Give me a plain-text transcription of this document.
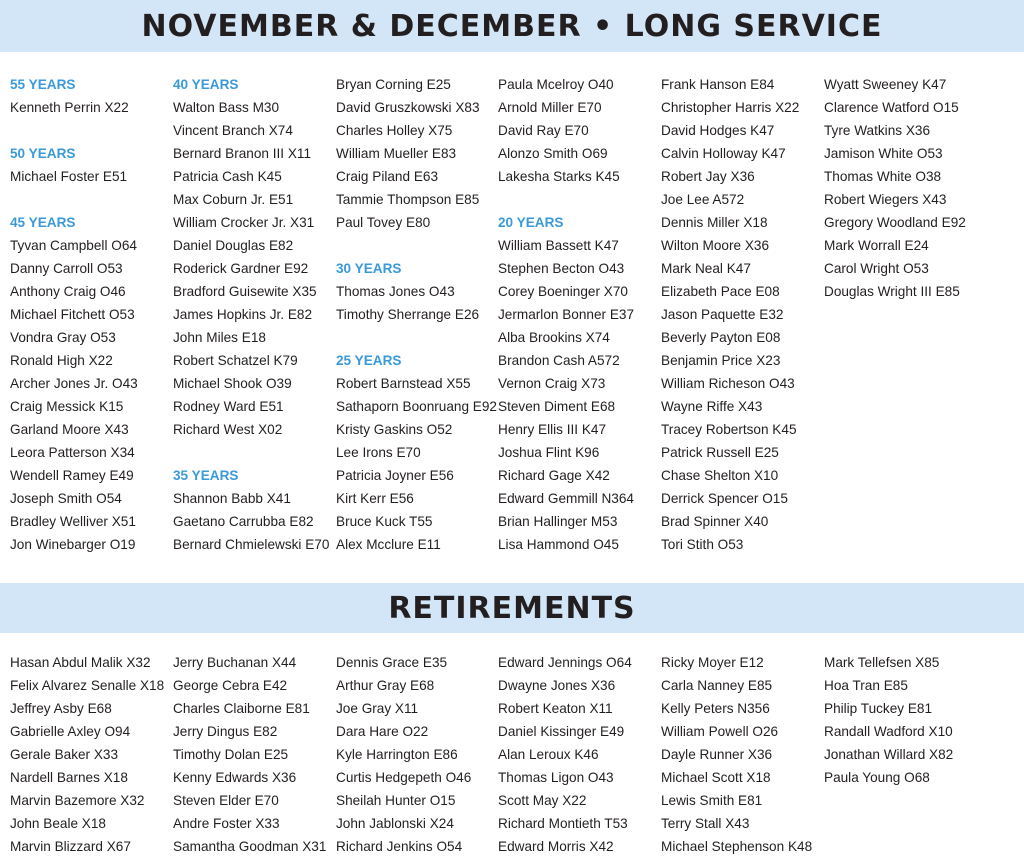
NOVEMBER & DECEMBER • LONG SERVICE
55 YEARS
Kenneth Perrin X22
50 YEARS
Michael Foster E51
45 YEARS
Tyvan Campbell O64
Danny Carroll O53
Anthony Craig O46
Michael Fitchett O53
Vondra Gray O53
Ronald High X22
Archer Jones Jr. O43
Craig Messick K15
Garland Moore X43
Leora Patterson X34
Wendell Ramey E49
Joseph Smith O54
Bradley Welliver X51
Jon Winebarger O19
40 YEARS
Walton Bass M30
Vincent Branch X74
Bernard Branon III X11
Patricia Cash K45
Max Coburn Jr. E51
William Crocker Jr. X31
Daniel Douglas E82
Roderick Gardner E92
Bradford Guisewite X35
James Hopkins Jr. E82
John Miles E18
Robert Schatzel K79
Michael Shook O39
Rodney Ward E51
Richard West X02
35 YEARS
Shannon Babb X41
Gaetano Carrubba E82
Bernard Chmielewski E70
Bryan Corning E25
David Gruszkowski X83
Charles Holley X75
William Mueller E83
Craig Piland E63
Tammie Thompson E85
Paul Tovey E80
30 YEARS
Thomas Jones O43
Timothy Sherrange E26
25 YEARS
Robert Barnstead X55
Sathaporn Boonruang E92
Kristy Gaskins O52
Lee Irons E70
Patricia Joyner E56
Kirt Kerr E56
Bruce Kuck T55
Alex Mcclure E11
Paula Mcelroy O40
Arnold Miller E70
David Ray E70
Alonzo Smith O69
Lakesha Starks K45
20 YEARS
William Bassett K47
Stephen Becton O43
Corey Boeninger X70
Jermarlon Bonner E37
Alba Brookins X74
Brandon Cash A572
Vernon Craig X73
Steven Diment E68
Henry Ellis III K47
Joshua Flint K96
Richard Gage X42
Edward Gemmill N364
Brian Hallinger M53
Lisa Hammond O45
Frank Hanson E84
Christopher Harris X22
David Hodges K47
Calvin Holloway K47
Robert Jay X36
Joe Lee A572
Dennis Miller X18
Wilton Moore X36
Mark Neal K47
Elizabeth Pace E08
Jason Paquette E32
Beverly Payton E08
Benjamin Price X23
William Richeson O43
Wayne Riffe X43
Tracey Robertson K45
Patrick Russell E25
Chase Shelton X10
Derrick Spencer O15
Brad Spinner X40
Tori Stith O53
Wyatt Sweeney K47
Clarence Watford O15
Tyre Watkins X36
Jamison White O53
Thomas White O38
Robert Wiegers X43
Gregory Woodland E92
Mark Worrall E24
Carol Wright O53
Douglas Wright III E85
RETIREMENTS
Hasan Abdul Malik X32
Felix Alvarez Senalle X18
Jeffrey Asby E68
Gabrielle Axley O94
Gerale Baker X33
Nardell Barnes X18
Marvin Bazemore X32
John Beale X18
Marvin Blizzard X67
Jerry Buchanan X44
George Cebra E42
Charles Claiborne E81
Jerry Dingus E82
Timothy Dolan E25
Kenny Edwards X36
Steven Elder E70
Andre Foster X33
Samantha Goodman X31
Dennis Grace E35
Arthur Gray E68
Joe Gray X11
Dara Hare O22
Kyle Harrington E86
Curtis Hedgepeth O46
Sheilah Hunter O15
John Jablonski X24
Richard Jenkins O54
Edward Jennings O64
Dwayne Jones X36
Robert Keaton X11
Daniel Kissinger E49
Alan Leroux K46
Thomas Ligon O43
Scott May X22
Richard Montieth T53
Edward Morris X42
Ricky Moyer E12
Carla Nanney E85
Kelly Peters N356
William Powell O26
Dayle Runner X36
Michael Scott X18
Lewis Smith E81
Terry Stall X43
Michael Stephenson K48
Mark Tellefsen X85
Hoa Tran E85
Philip Tuckey E81
Randall Wadford X10
Jonathan Willard X82
Paula Young O68
